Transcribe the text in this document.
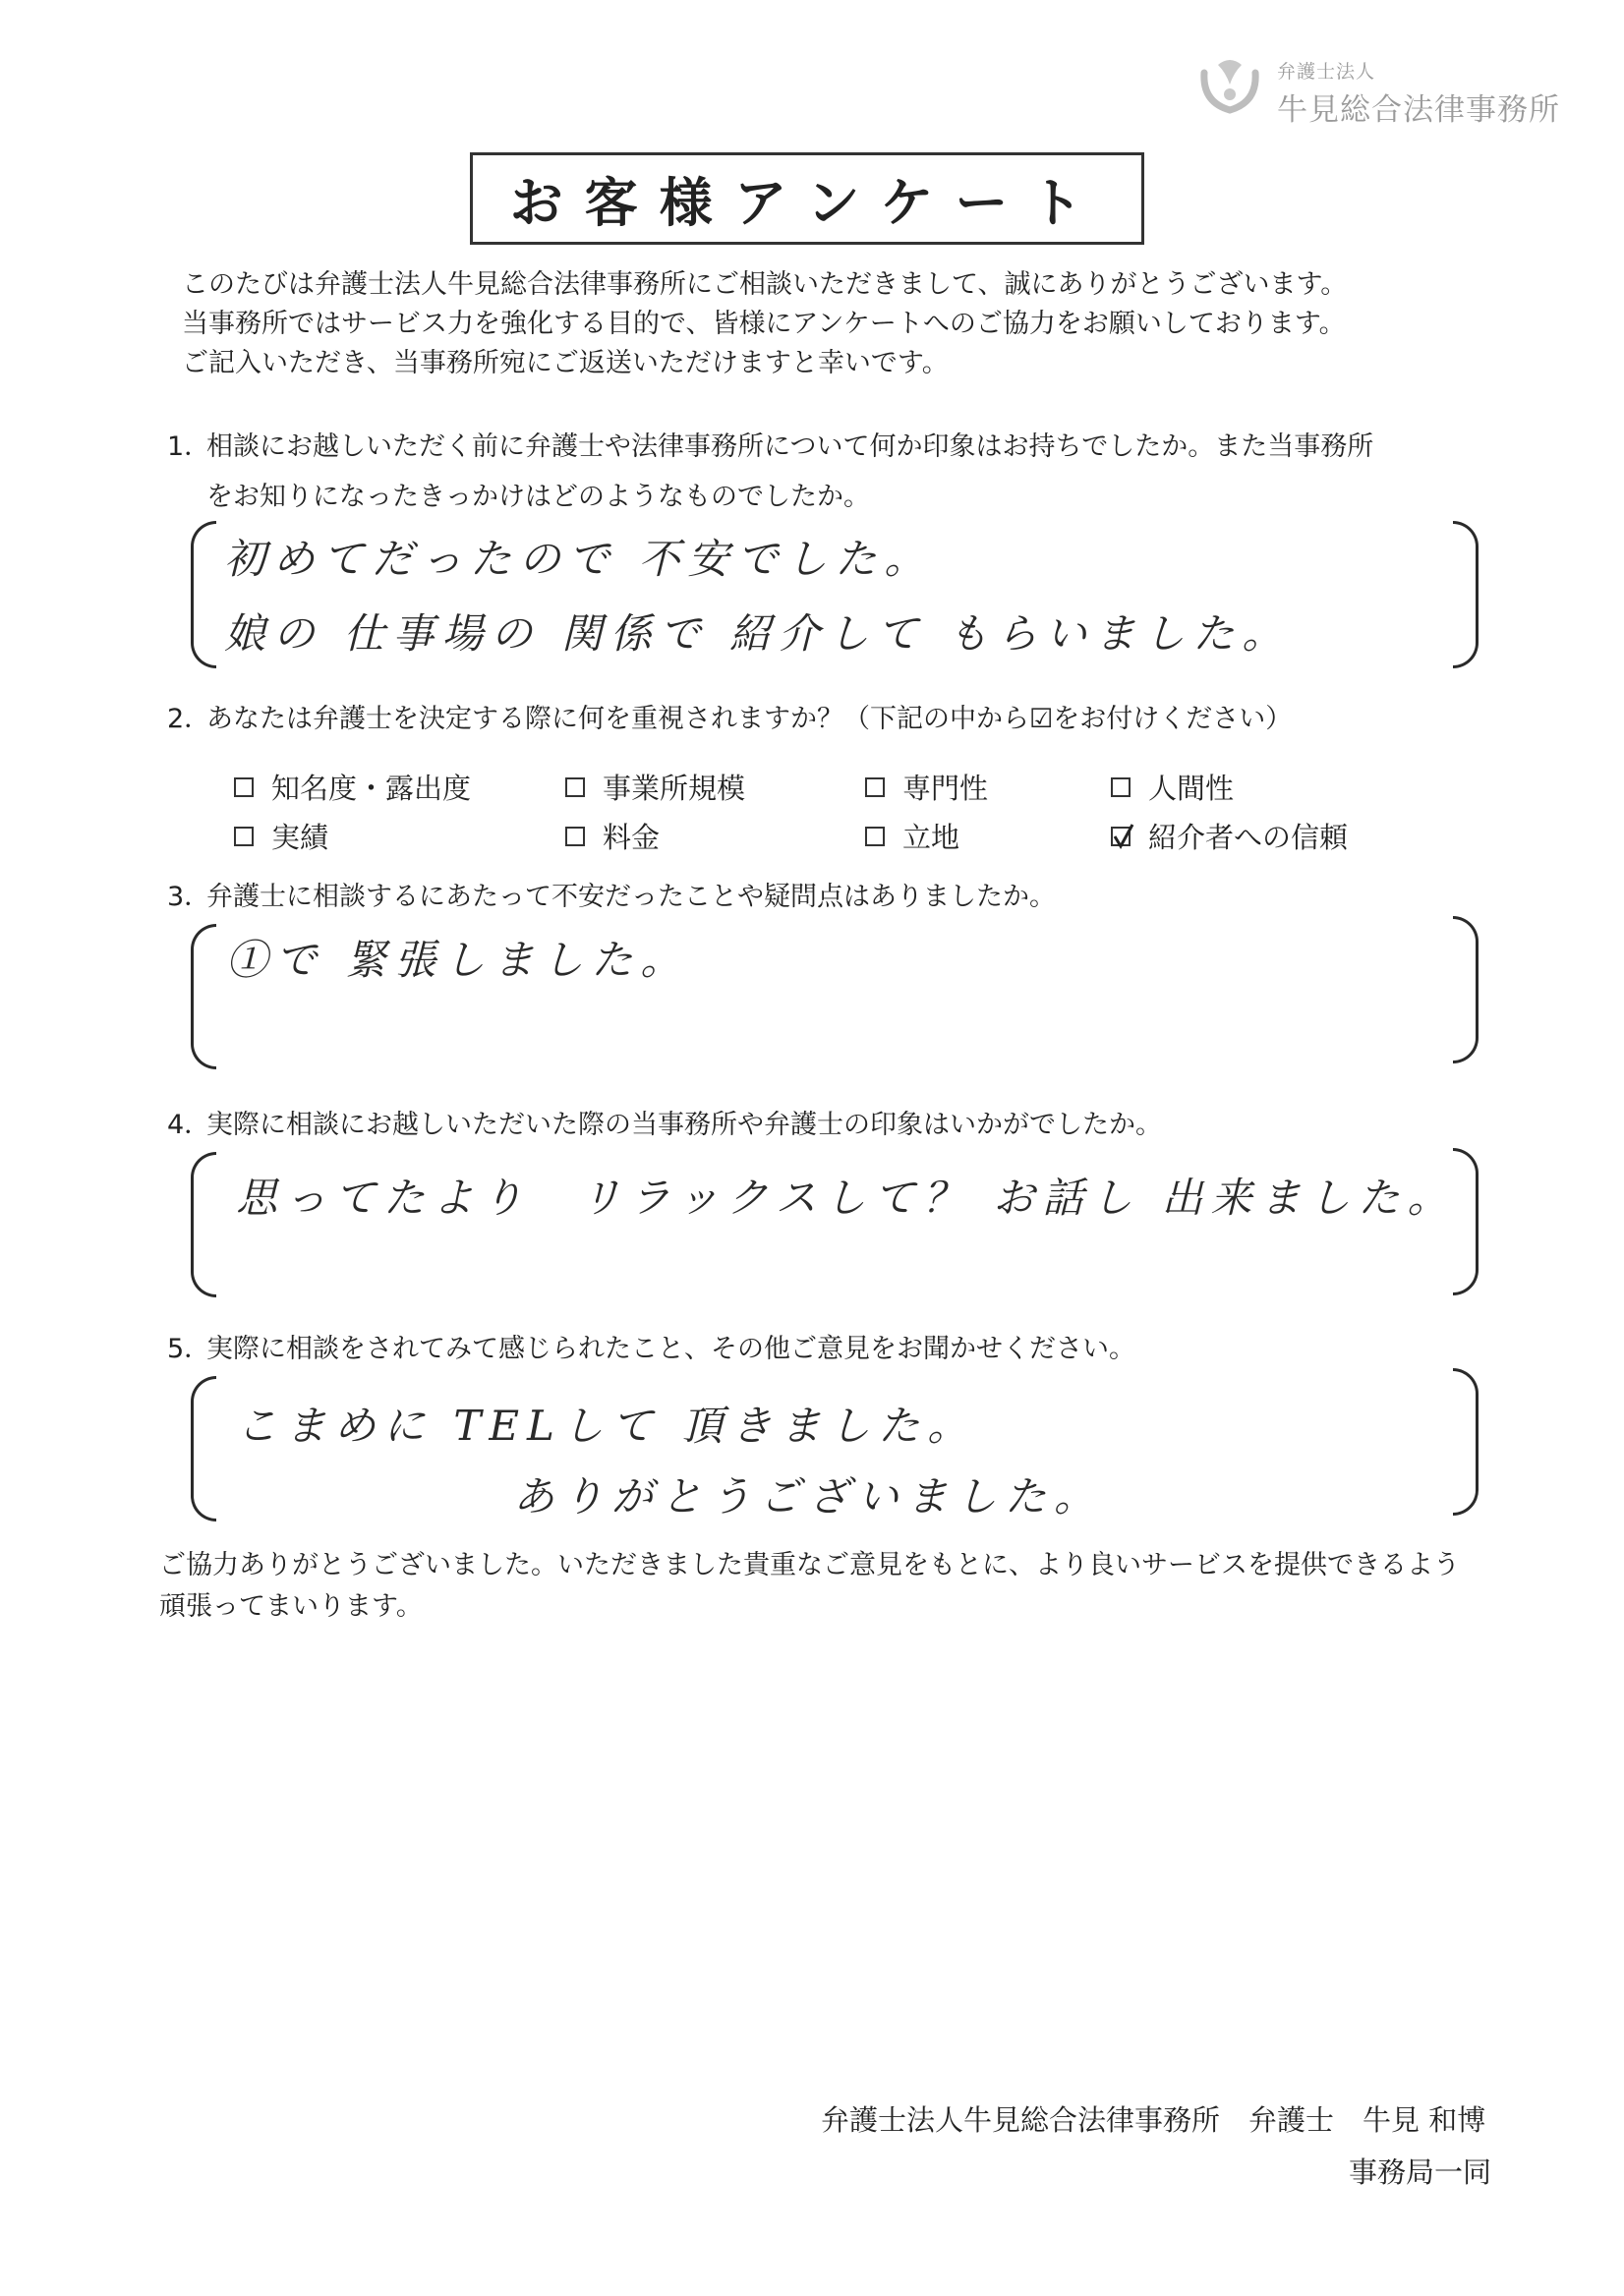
弁護士法人
牛見総合法律事務所
お客様アンケート
このたびは弁護士法人牛見総合法律事務所にご相談いただきまして、誠にありがとうございます。
当事務所ではサービス力を強化する目的で、皆様にアンケートへのご協力をお願いしております。
ご記入いただき、当事務所宛にご返送いただけますと幸いです。
1．相談にお越しいただく前に弁護士や法律事務所について何か印象はお持ちでしたか。また当事務所
をお知りになったきっかけはどのようなものでしたか。
初めてだったので 不安でした。
娘の 仕事場の 関係で 紹介して もらいました。
2．あなたは弁護士を決定する際に何を重視されますか？（下記の中から☑をお付けください）
知名度・露出度	事業所規模	専門性	人間性
実績	料金	立地	紹介者への信頼
3．弁護士に相談するにあたって不安だったことや疑問点はありましたか。
①で 緊張しました。
4．実際に相談にお越しいただいた際の当事務所や弁護士の印象はいかがでしたか。
思ってたより　リラックスして？ お話し 出来ました。
5．実際に相談をされてみて感じられたこと、その他ご意見をお聞かせください。
こまめに TELして 頂きました。
ありがとうございました。
ご協力ありがとうございました。いただきました貴重なご意見をもとに、より良いサービスを提供できるよう
頑張ってまいります。
弁護士法人牛見総合法律事務所　弁護士　牛見 和博
事務局一同
